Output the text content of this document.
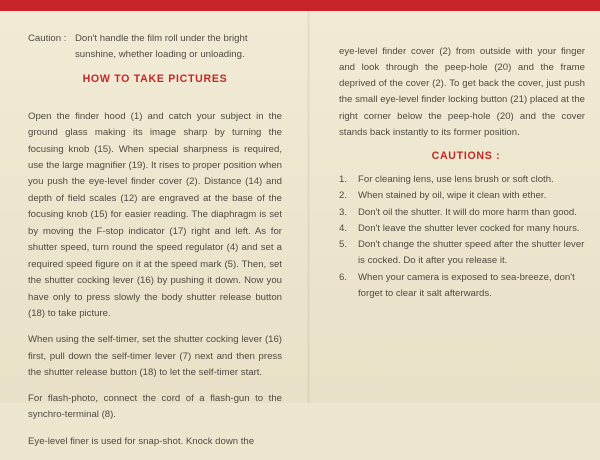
Caution : Don't handle the film roll under the bright sunshine, whether loading or unloading.
HOW TO TAKE PICTURES

Open the finder hood (1) and catch your subject in the ground glass making its image sharp by turning the focusing knob (15). When special sharpness is required, use the large magnifier (19). It rises to proper position when you push the eye-level finder cover (2). Distance (14) and depth of field scales (12) are engraved at the base of the focusing knob (15) for easier reading. The diaphragm is set by moving the F-stop indicator (17) right and left. As for shutter speed, turn round the speed regulator (4) and set a required speed figure on it at the speed mark (5). Then, set the shutter cocking lever (16) by pushing it down. Now you have only to press slowly the body shutter release button (18) to take picture.

When using the self-timer, set the shutter cocking lever (16) first, pull down the self-timer lever (7) next and then press the shutter release button (18) to let the self-timer start.

For flash-photo, connect the cord of a flash-gun to the synchro-terminal (8).

Eye-level finer is used for snap-shot. Knock down the

eye-level finder cover (2) from outside with your finger and look through the peep-hole (20) and the frame deprived of the cover (2). To get back the cover, just push the small eye-level finder locking button (21) placed at the right corner below the peep-hole (20) and the cover stands back instantly to its former position.

CAUTIONS :
1.	For cleaning lens, use lens brush or soft cloth.
2.	When stained by oil, wipe it clean with ether.
3.	Don't oil the shutter. It will do more harm than good.
4.	Don't leave the shutter lever cocked for many hours.
5.	Don't change the shutter speed after the shutter lever is cocked. Do it after you release it.
6.	When your camera is exposed to sea-breeze, don't forget to clear it salt afterwards.
